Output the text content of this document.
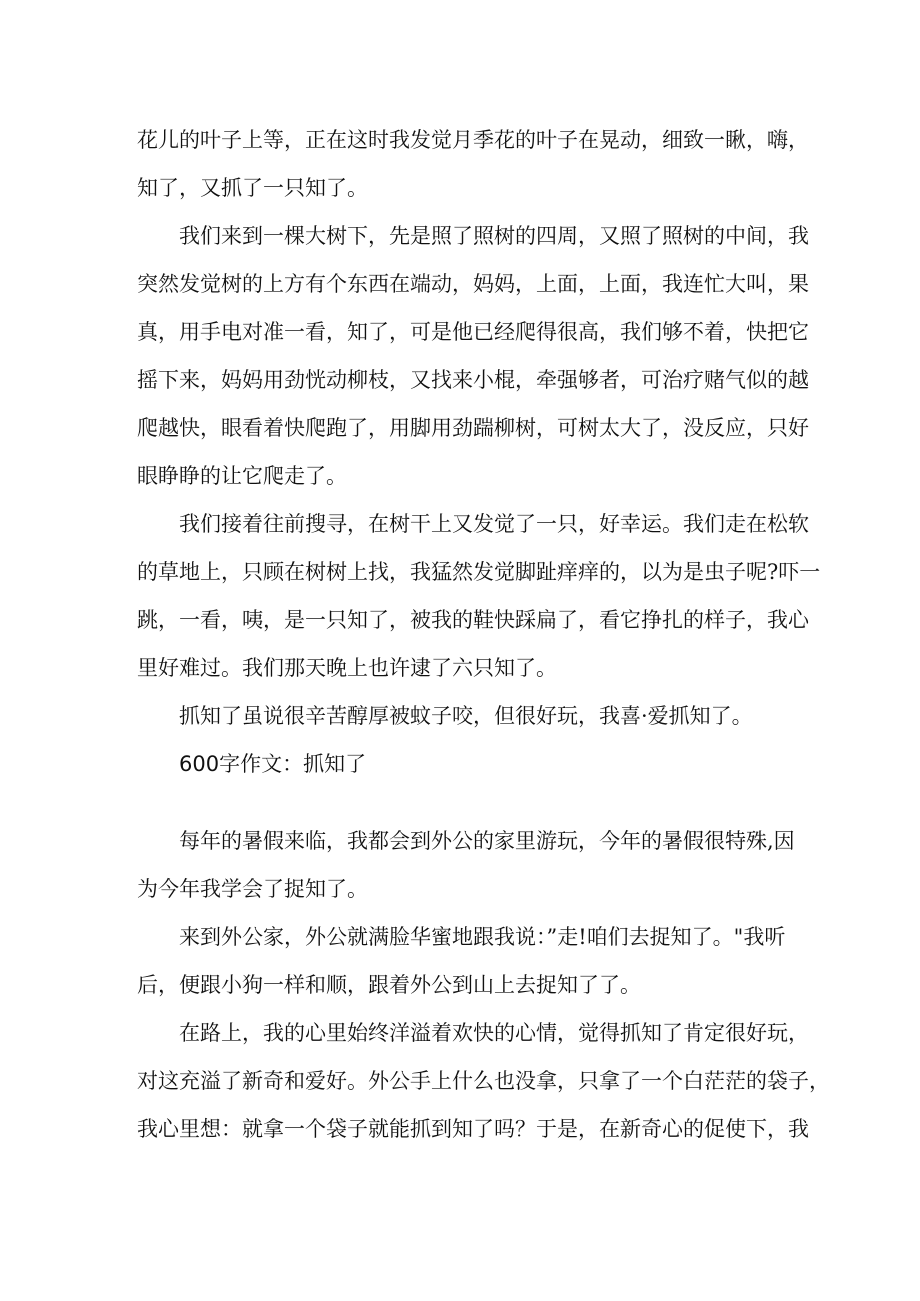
花儿的叶子上等，正在这时我发觉月季花的叶子在晃动，细致一瞅，嗨，

知了，又抓了一只知了。

我们来到一棵大树下，先是照了照树的四周，又照了照树的中间，我

突然发觉树的上方有个东西在端动，妈妈，上面，上面，我连忙大叫，果

真，用手电对准一看，知了，可是他已经爬得很高，我们够不着，快把它

摇下来，妈妈用劲恍动柳枝，又找来小棍，牵强够者，可治疗赌气似的越

爬越快，眼看着快爬跑了，用脚用劲踹柳树，可树太大了，没反应，只好

眼睁睁的让它爬走了。

我们接着往前搜寻，在树干上又发觉了一只，好幸运。我们走在松软

的草地上，只顾在树树上找，我猛然发觉脚趾痒痒的，以为是虫子呢?吓一

跳，一看，咦，是一只知了，被我的鞋快踩扁了，看它挣扎的样子，我心

里好难过。我们那天晚上也许逮了六只知了。

抓知了虽说很辛苦醇厚被蚊子咬，但很好玩，我喜·爱抓知了。

600字作文：抓知了

每年的暑假来临，我都会到外公的家里游玩，今年的暑假很特殊,因

为今年我学会了捉知了。

来到外公家，外公就满脸华蜜地跟我说：”走!咱们去捉知了。"我听

后，便跟小狗一样和顺，跟着外公到山上去捉知了了。

在路上，我的心里始终洋溢着欢快的心情，觉得抓知了肯定很好玩，

对这充溢了新奇和爱好。外公手上什么也没拿，只拿了一个白茫茫的袋子，

我心里想：就拿一个袋子就能抓到知了吗？于是，在新奇心的促使下，我
